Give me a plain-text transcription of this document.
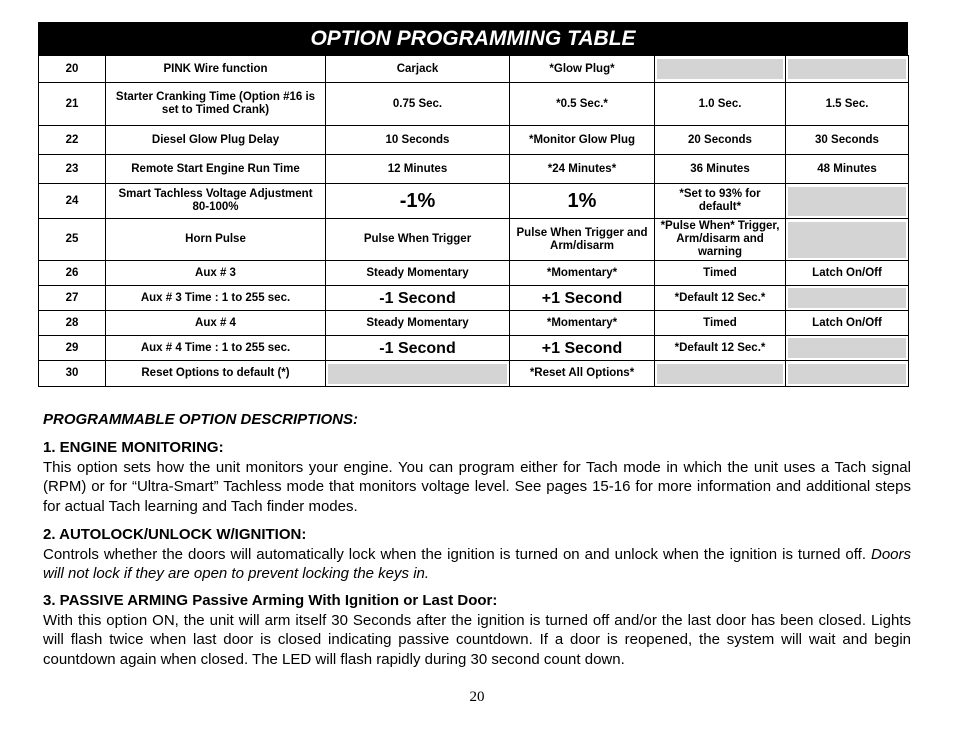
OPTION PROGRAMMING TABLE
20	PINK Wire function	Carjack	*Glow Plug*	

21	Starter Cranking Time (Option #16 is set to Timed Crank)	0.75 Sec.	*0.5 Sec.*	1.0 Sec.	1.5 Sec.
22	Diesel Glow Plug Delay	10 Seconds	*Monitor Glow Plug	20 Seconds	30 Seconds
23	Remote Start Engine Run Time	12 Minutes	*24 Minutes*	36 Minutes	48 Minutes
24	Smart Tachless Voltage Adjustment 80-100%	-1%	1%	*Set to 93% for default*	

25	Horn Pulse	Pulse When Trigger	Pulse When Trigger and Arm/disarm	*Pulse When* Trigger, Arm/disarm and warning	

26	Aux # 3	Steady Momentary	*Momentary*	Timed	Latch On/Off
27	Aux # 3 Time : 1 to 255 sec.	-1 Second	+1 Second	*Default 12 Sec.*	

28	Aux # 4	Steady Momentary	*Momentary*	Timed	Latch On/Off
29	Aux # 4 Time : 1 to 255 sec.	-1 Second	+1 Second	*Default 12 Sec.*	

30	Reset Options to default (*)		*Reset All Options*	

PROGRAMMABLE OPTION DESCRIPTIONS:
1. ENGINE MONITORING:
This option sets how the unit monitors your engine. You can program either for Tach mode in which the unit uses a Tach signal (RPM) or for “Ultra-Smart” Tachless mode that monitors voltage level. See pages 15-16 for more information and additional steps for actual Tach learning and Tach finder modes.
2. AUTOLOCK/UNLOCK W/IGNITION:
Controls whether the doors will automatically lock when the ignition is turned on and unlock when the ignition is turned off. Doors will not lock if they are open to prevent locking the keys in.
3. PASSIVE ARMING Passive Arming With Ignition or Last Door:
With this option ON, the unit will arm itself 30 Seconds after the ignition is turned off and/or the last door has been closed. Lights will flash twice when last door is closed indicating passive countdown. If a door is reopened, the system will wait and begin countdown again when closed. The LED will flash rapidly during 30 second count down.
20
